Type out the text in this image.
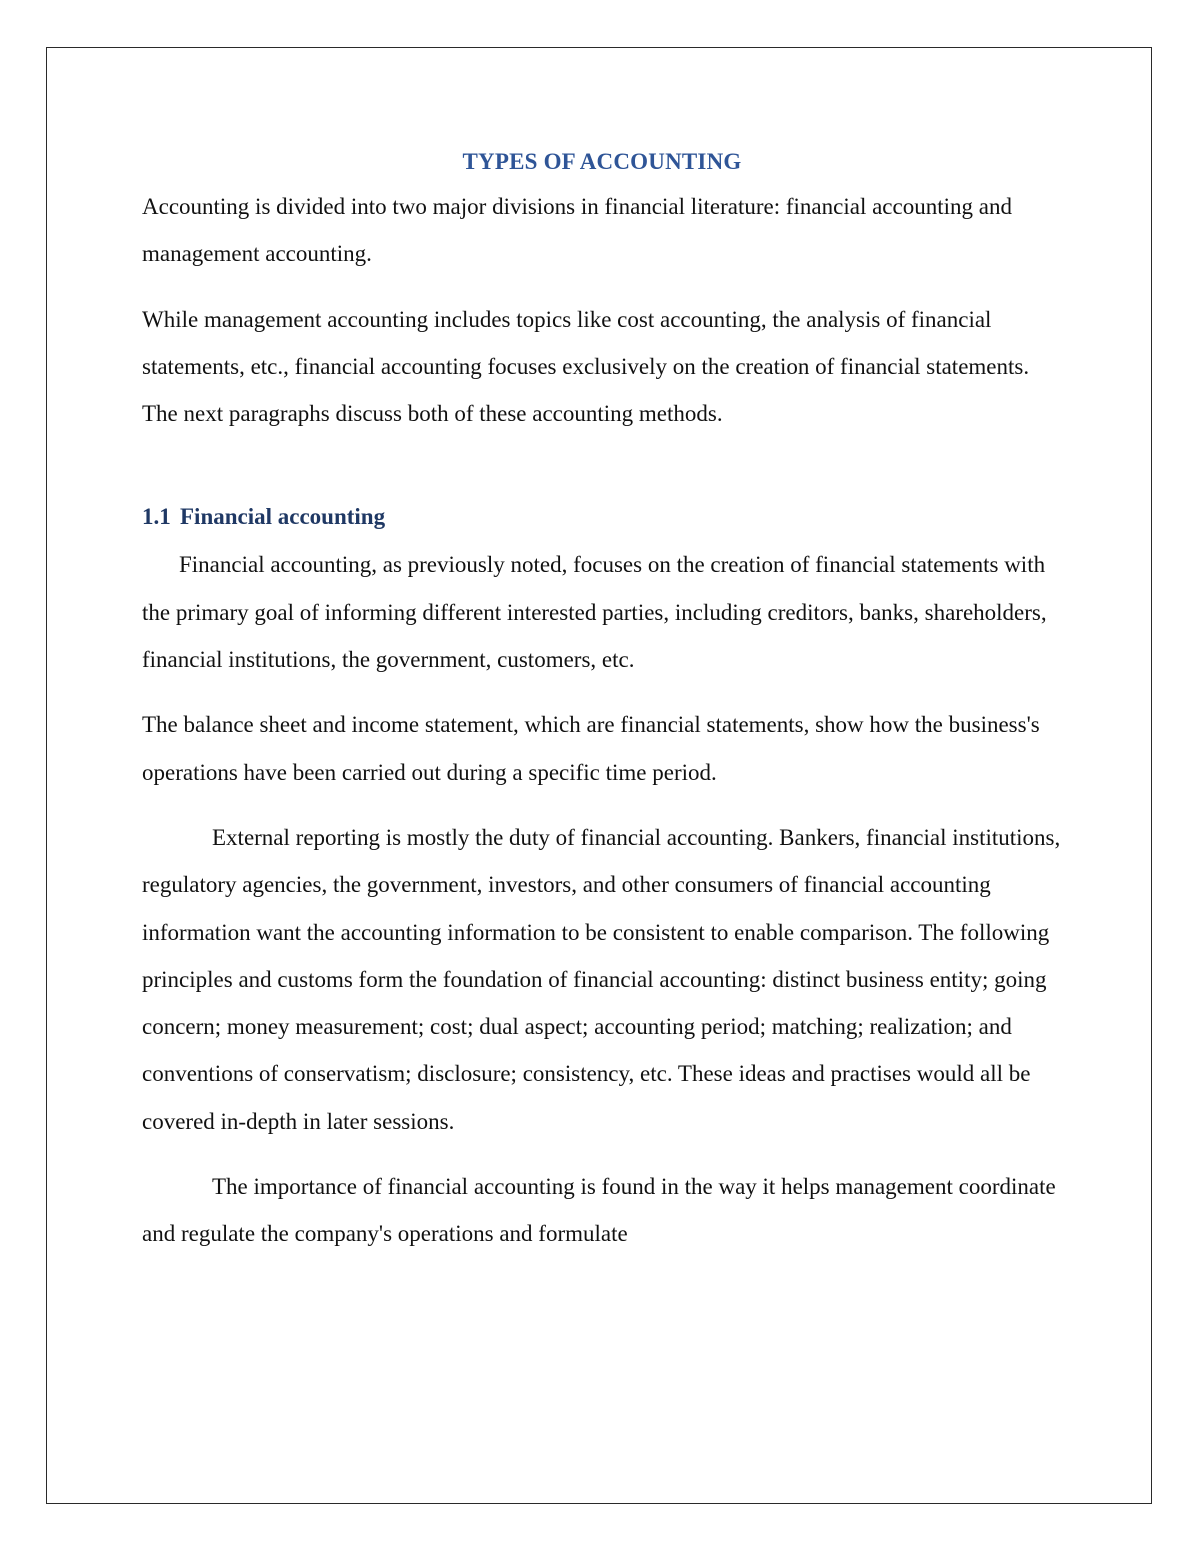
TYPES OF ACCOUNTING

Accounting is divided into two major divisions in financial literature: financial accounting and management accounting.

While management accounting includes topics like cost accounting, the analysis of financial statements, etc., financial accounting focuses exclusively on the creation of financial statements. The next paragraphs discuss both of these accounting methods.

1.1 Financial accounting

Financial accounting, as previously noted, focuses on the creation of financial statements with the primary goal of informing different interested parties, including creditors, banks, shareholders, financial institutions, the government, customers, etc.

The balance sheet and income statement, which are financial statements, show how the business's operations have been carried out during a specific time period.

External reporting is mostly the duty of financial accounting. Bankers, financial institutions, regulatory agencies, the government, investors, and other consumers of financial accounting information want the accounting information to be consistent to enable comparison. The following principles and customs form the foundation of financial accounting: distinct business entity; going concern; money measurement; cost; dual aspect; accounting period; matching; realization; and conventions of conservatism; disclosure; consistency, etc. These ideas and practises would all be covered in-depth in later sessions.

The importance of financial accounting is found in the way it helps management coordinate and regulate the company's operations and formulate
